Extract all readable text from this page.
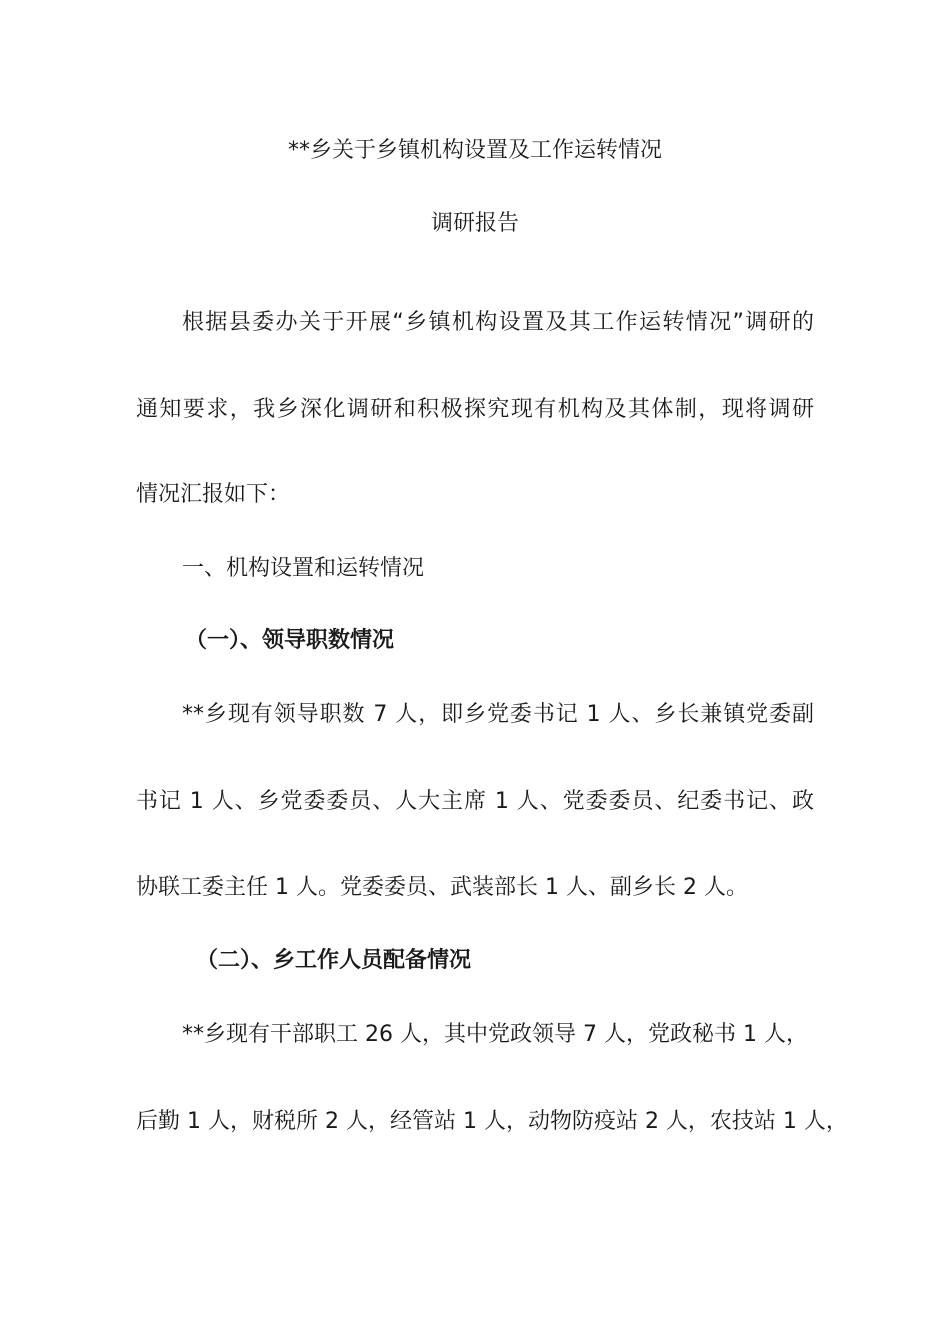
**乡关于乡镇机构设置及工作运转情况
调研报告
根据县委办关于开展“乡镇机构设置及其工作运转情况”调研的
通知要求，我乡深化调研和积极探究现有机构及其体制，现将调研
情况汇报如下：
一、机构设置和运转情况
（一）、领导职数情况
**乡现有领导职数 7 人，即乡党委书记 1 人、乡长兼镇党委副
书记 1 人、乡党委委员、人大主席 1 人、党委委员、纪委书记、政
协联工委主任 1 人。党委委员、武装部长 1 人、副乡长 2 人。
（二）、乡工作人员配备情况
**乡现有干部职工 26 人，其中党政领导 7 人，党政秘书 1 人，
后勤 1 人，财税所 2 人，经管站 1 人，动物防疫站 2 人，农技站 1 人，
